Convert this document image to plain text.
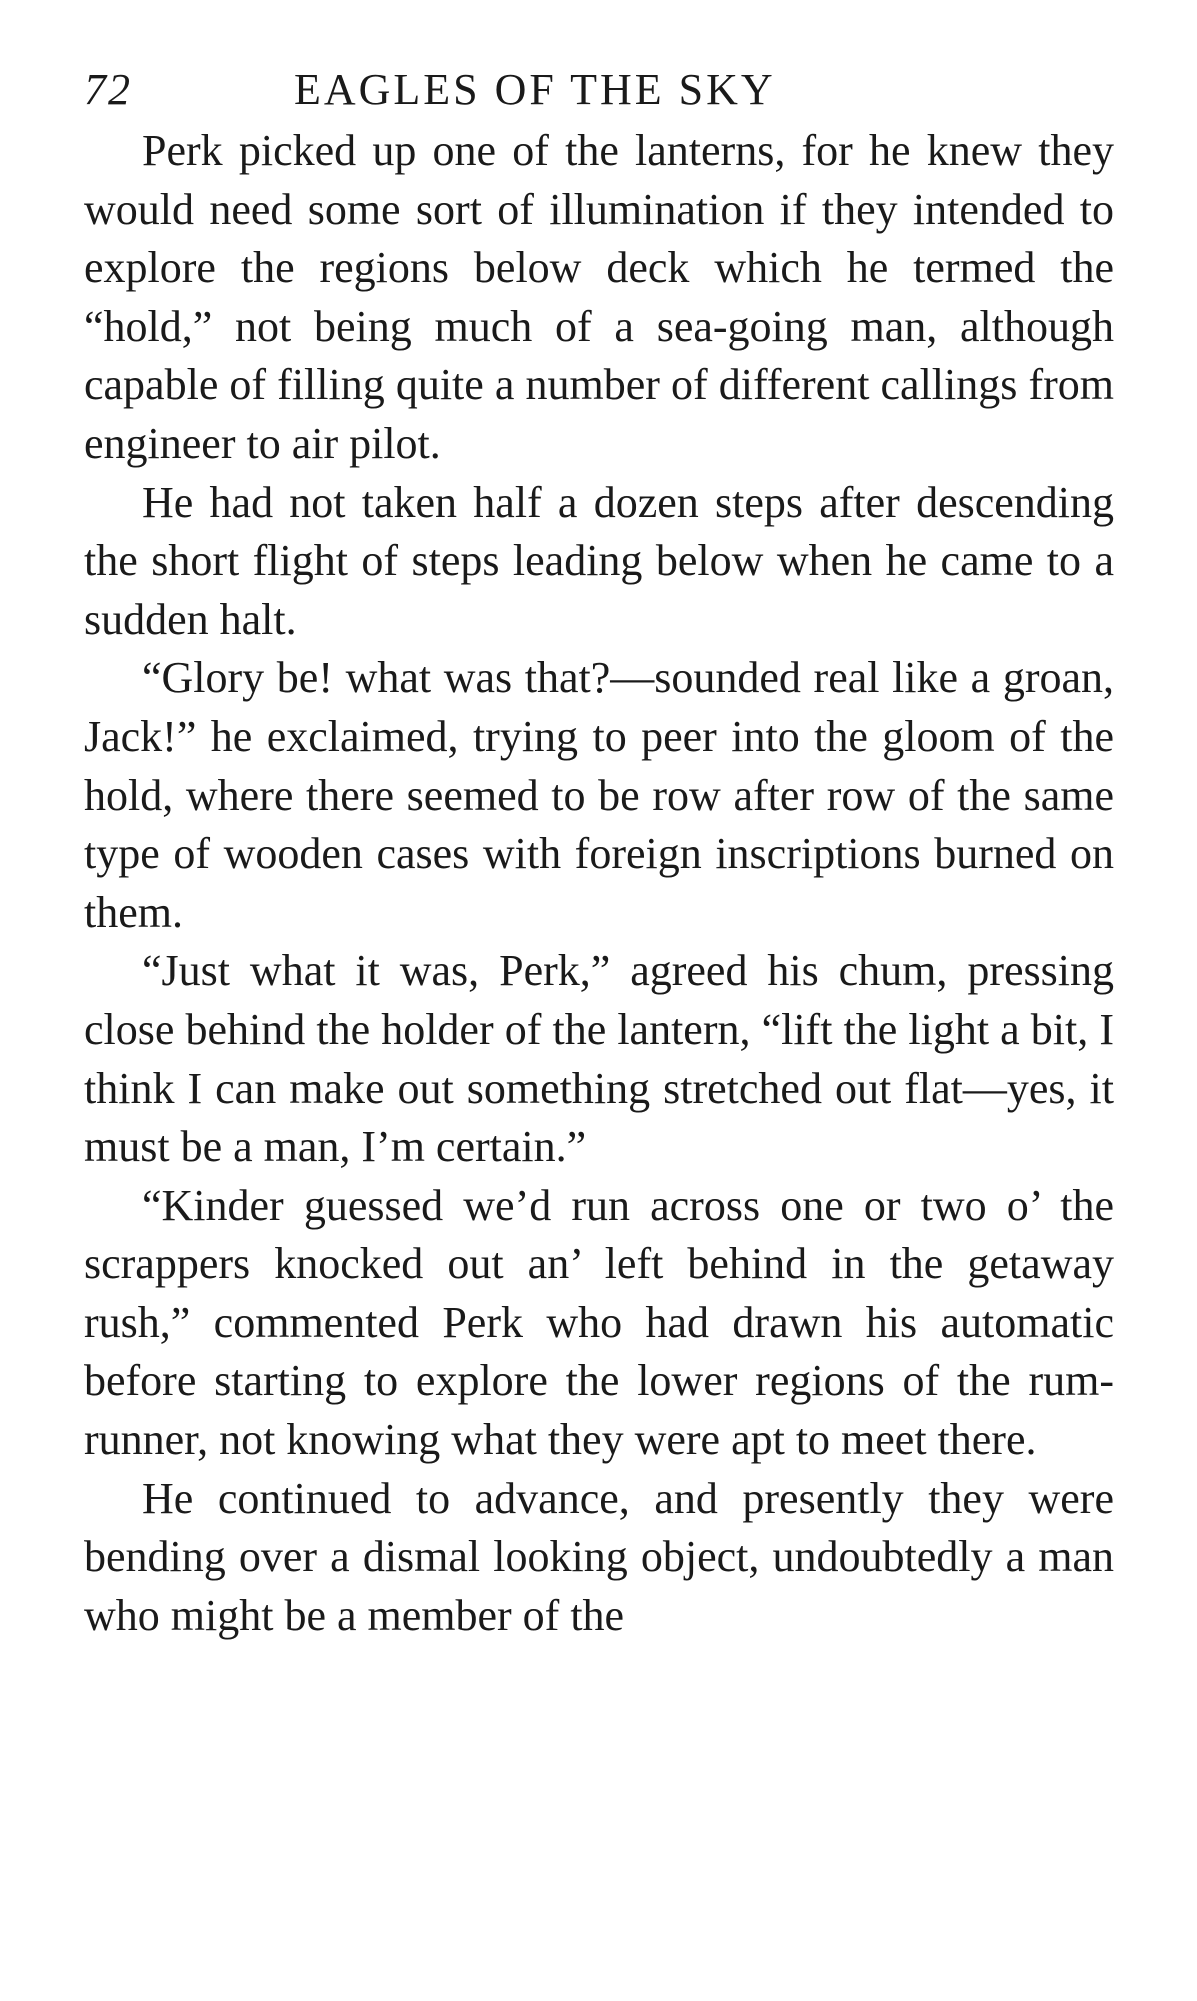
72	EAGLES OF THE SKY

Perk picked up one of the lanterns, for he knew they would need some sort of illumination if they intended to explore the regions below deck which he termed the “hold,” not being much of a sea-going man, although capable of filling quite a number of different callings from engineer to air pilot.

He had not taken half a dozen steps after descending the short flight of steps leading below when he came to a sudden halt.

“Glory be! what was that?—sounded real like a groan, Jack!” he exclaimed, trying to peer into the gloom of the hold, where there seemed to be row after row of the same type of wooden cases with foreign inscriptions burned on them.

“Just what it was, Perk,” agreed his chum, pressing close behind the holder of the lantern, “lift the light a bit, I think I can make out something stretched out flat—yes, it must be a man, I’m certain.”

“Kinder guessed we’d run across one or two o’ the scrappers knocked out an’ left behind in the getaway rush,” commented Perk who had drawn his automatic before starting to explore the lower regions of the rum-runner, not knowing what they were apt to meet there.

He continued to advance, and presently they were bending over a dismal looking object, undoubtedly a man who might be a member of the
